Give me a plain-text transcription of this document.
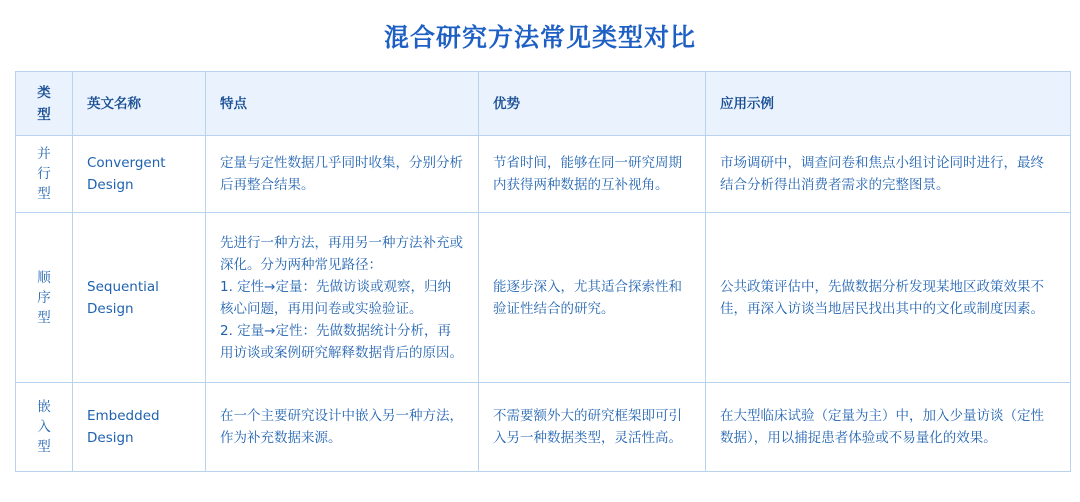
混合研究方法常见类型对比
类型	英文名称	特点	优势	应用示例
并行型	Convergent Design	定量与定性数据几乎同时收集，分别分析后再整合结果。	节省时间，能够在同一研究周期内获得两种数据的互补视角。	市场调研中，调查问卷和焦点小组讨论同时进行，最终结合分析得出消费者需求的完整图景。
顺序型	Sequential Design	先进行一种方法，再用另一种方法补充或深化。分为两种常见路径：
1. 定性→定量：先做访谈或观察，归纳核心问题，再用问卷或实验验证。
2. 定量→定性：先做数据统计分析，再用访谈或案例研究解释数据背后的原因。	能逐步深入，尤其适合探索性和验证性结合的研究。	公共政策评估中，先做数据分析发现某地区政策效果不佳，再深入访谈当地居民找出其中的文化或制度因素。
嵌入型	Embedded Design	在一个主要研究设计中嵌入另一种方法，作为补充数据来源。	不需要额外大的研究框架即可引入另一种数据类型，灵活性高。	在大型临床试验（定量为主）中，加入少量访谈（定性数据），用以捕捉患者体验或不易量化的效果。
